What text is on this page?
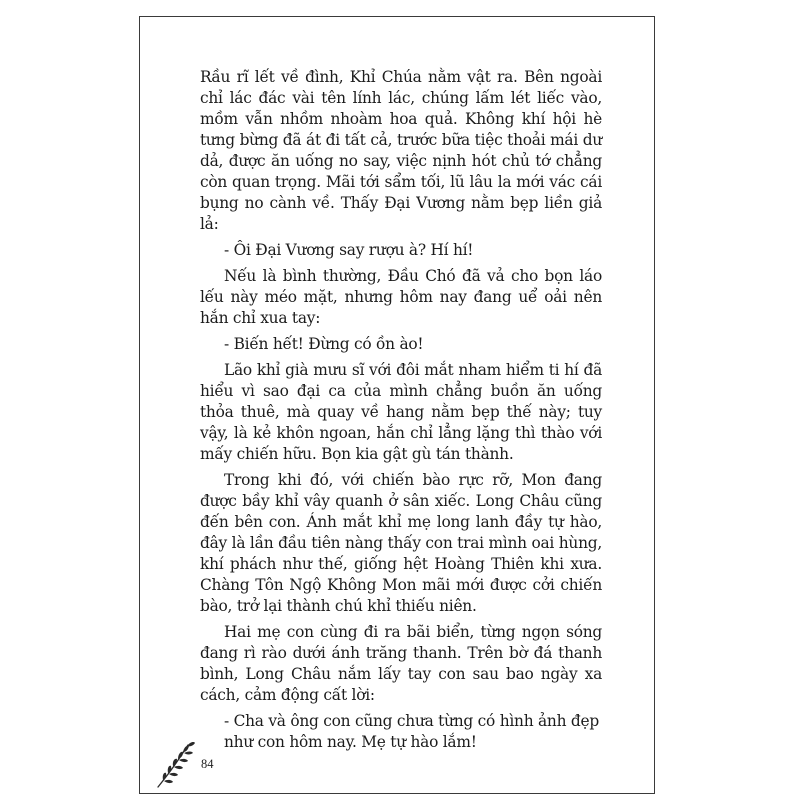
Rầu rĩ lết về đình, Khỉ Chúa nằm vật ra. Bên ngoài chỉ lác đác vài tên lính lác, chúng lấm lét liếc vào, mồm vẫn nhồm nhoàm hoa quả. Không khí hội hè tưng bừng đã át đi tất cả, trước bữa tiệc thoải mái dư dả, được ăn uống no say, việc nịnh hót chủ tớ chẳng còn quan trọng. Mãi tới sẩm tối, lũ lâu la mới vác cái bụng no cành về. Thấy Đại Vương nằm bẹp liền giả lả:

- Ôi Đại Vương say rượu à? Hí hí!

Nếu là bình thường, Đầu Chó đã vả cho bọn láo lếu này méo mặt, nhưng hôm nay đang uể oải nên hắn chỉ xua tay:

- Biến hết! Đừng có ồn ào!

Lão khỉ già mưu sĩ với đôi mắt nham hiểm ti hí đã hiểu vì sao đại ca của mình chẳng buồn ăn uống thỏa thuê, mà quay về hang nằm bẹp thế này; tuy vậy, là kẻ khôn ngoan, hắn chỉ lẳng lặng thì thào với mấy chiến hữu. Bọn kia gật gù tán thành.

Trong khi đó, với chiến bào rực rỡ, Mon đang được bầy khỉ vây quanh ở sân xiếc. Long Châu cũng đến bên con. Ánh mắt khỉ mẹ long lanh đầy tự hào, đây là lần đầu tiên nàng thấy con trai mình oai hùng, khí phách như thế, giống hệt Hoàng Thiên khi xưa. Chàng Tôn Ngộ Không Mon mãi mới được cởi chiến bào, trở lại thành chú khỉ thiếu niên.

Hai mẹ con cùng đi ra bãi biển, từng ngọn sóng đang rì rào dưới ánh trăng thanh. Trên bờ đá thanh bình, Long Châu nắm lấy tay con sau bao ngày xa cách, cảm động cất lời:

- Cha và ông con cũng chưa từng có hình ảnh đẹp như con hôm nay. Mẹ tự hào lắm!

84
